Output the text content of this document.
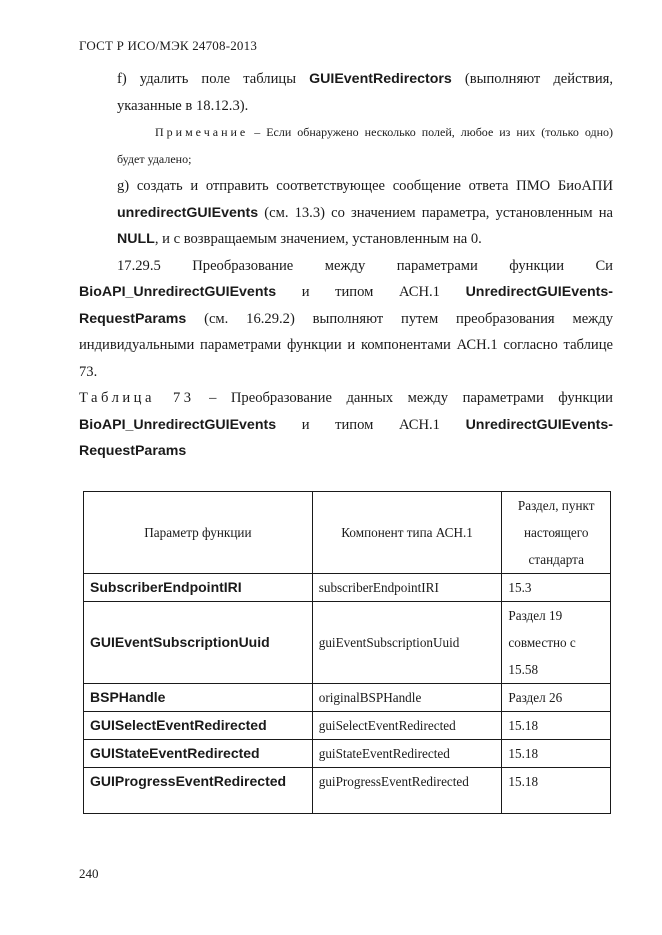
ГОСТ Р ИСО/МЭК 24708-2013

f) удалить поле таблицы GUIEventRedirectors (выполняют действия, указанные в 18.12.3).

Примечание – Если обнаружено несколько полей, любое из них (только одно) будет удалено;

g) создать и отправить соответствующее сообщение ответа ПМО БиоАПИ unredirectGUIEvents (см. 13.3) со значением параметра, установленным на NULL, и с возвращаемым значением, установленным на 0.

17.29.5 Преобразование между параметрами функции Си BioAPI_UnredirectGUIEvents и типом АСН.1 UnredirectGUIEvents-RequestParams (см. 16.29.2) выполняют путем преобразования между индивидуальными параметрами функции и компонентами АСН.1 согласно таблице 73.

Таблица 73 – Преобразование данных между параметрами функции BioAPI_UnredirectGUIEvents и типом АСН.1 UnredirectGUIEvents-RequestParams

Параметр функции	Компонент типа АСН.1	Раздел, пункт настоящего стандарта
SubscriberEndpointIRI	subscriberEndpointIRI	15.3
GUIEventSubscriptionUuid	guiEventSubscriptionUuid	Раздел 19 совместно с 15.58
BSPHandle	originalBSPHandle	Раздел 26
GUISelectEventRedirected	guiSelectEventRedirected	15.18
GUIStateEventRedirected	guiStateEventRedirected	15.18
GUIProgressEventRedirected	guiProgressEventRedirected	15.18
240
